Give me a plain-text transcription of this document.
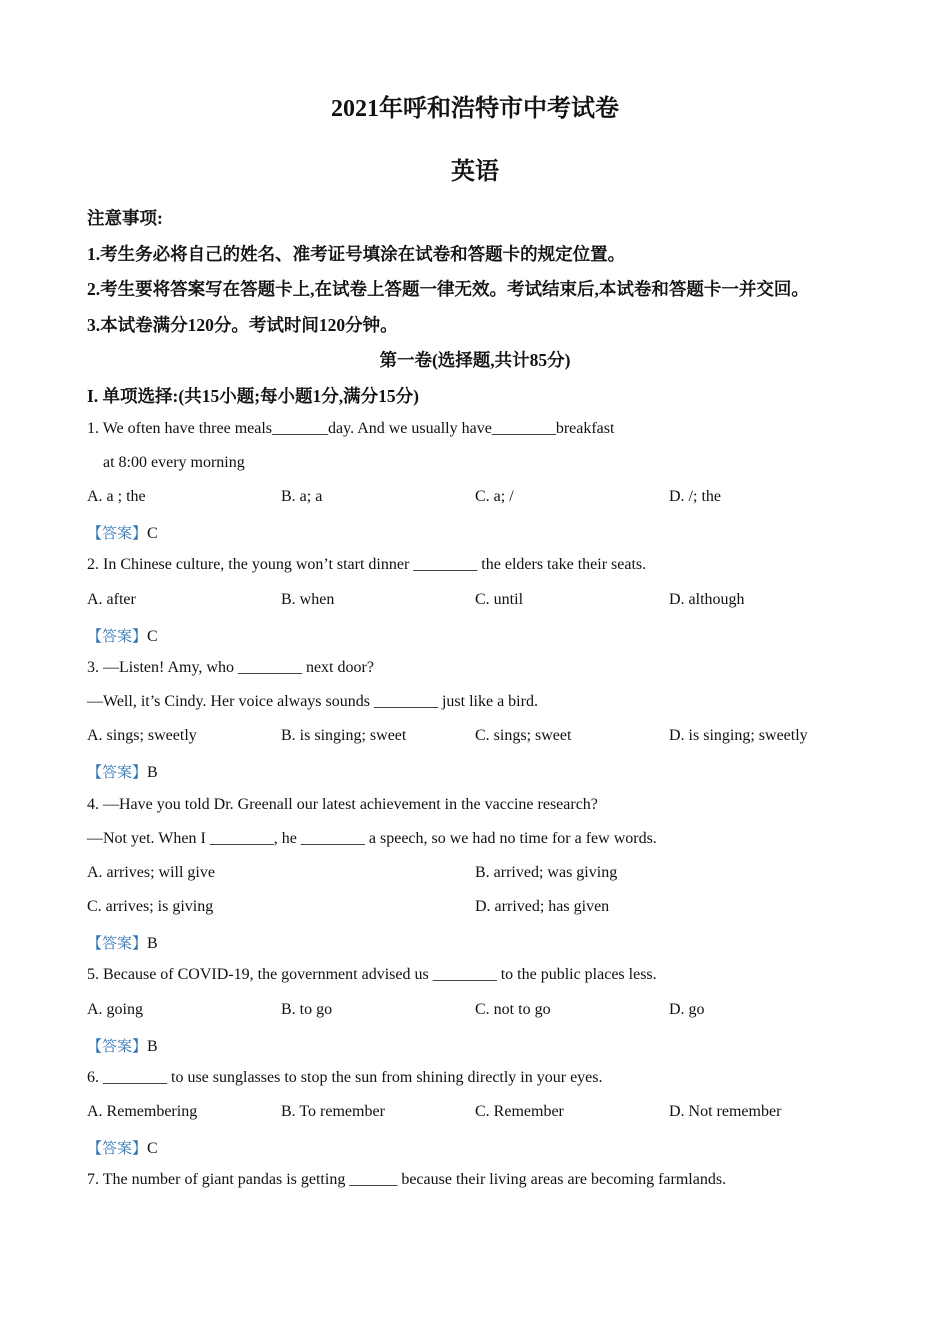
2021年呼和浩特市中考试卷
英语
注意事项:
1.考生务必将自己的姓名、准考证号填涂在试卷和答题卡的规定位置。
2.考生要将答案写在答题卡上,在试卷上答题一律无效。考试结束后,本试卷和答题卡一并交回。
3.本试卷满分120分。考试时间120分钟。
第一卷(选择题,共计85分)
I. 单项选择:(共15小题;每小题1分,满分15分)
1. We often have three meals_______day. And we usually have________breakfast
at 8:00 every morning
A. a ; the	B. a; a	C. a; /	D. /; the
【答案】C
2. In Chinese culture, the young won’t start dinner ________ the elders take their seats.
A. after	B. when	C. until	D. although
【答案】C
3. —Listen! Amy, who ________ next door?
—Well, it’s Cindy. Her voice always sounds ________ just like a bird.
A. sings; sweetly	B. is singing; sweet	C. sings; sweet	D. is singing; sweetly
【答案】B
4. —Have you told Dr. Greenall our latest achievement in the vaccine research?
—Not yet. When I ________, he ________ a speech, so we had no time for a few words.
A. arrives; will give	B. arrived; was giving
C. arrives; is giving	D. arrived; has given
【答案】B
5. Because of COVID-19, the government advised us ________ to the public places less.
A. going	B. to go	C. not to go	D. go
【答案】B
6. ________ to use sunglasses to stop the sun from shining directly in your eyes.
A. Remembering	B. To remember	C. Remember	D. Not remember
【答案】C
7. The number of giant pandas is getting ______ because their living areas are becoming farmlands.
